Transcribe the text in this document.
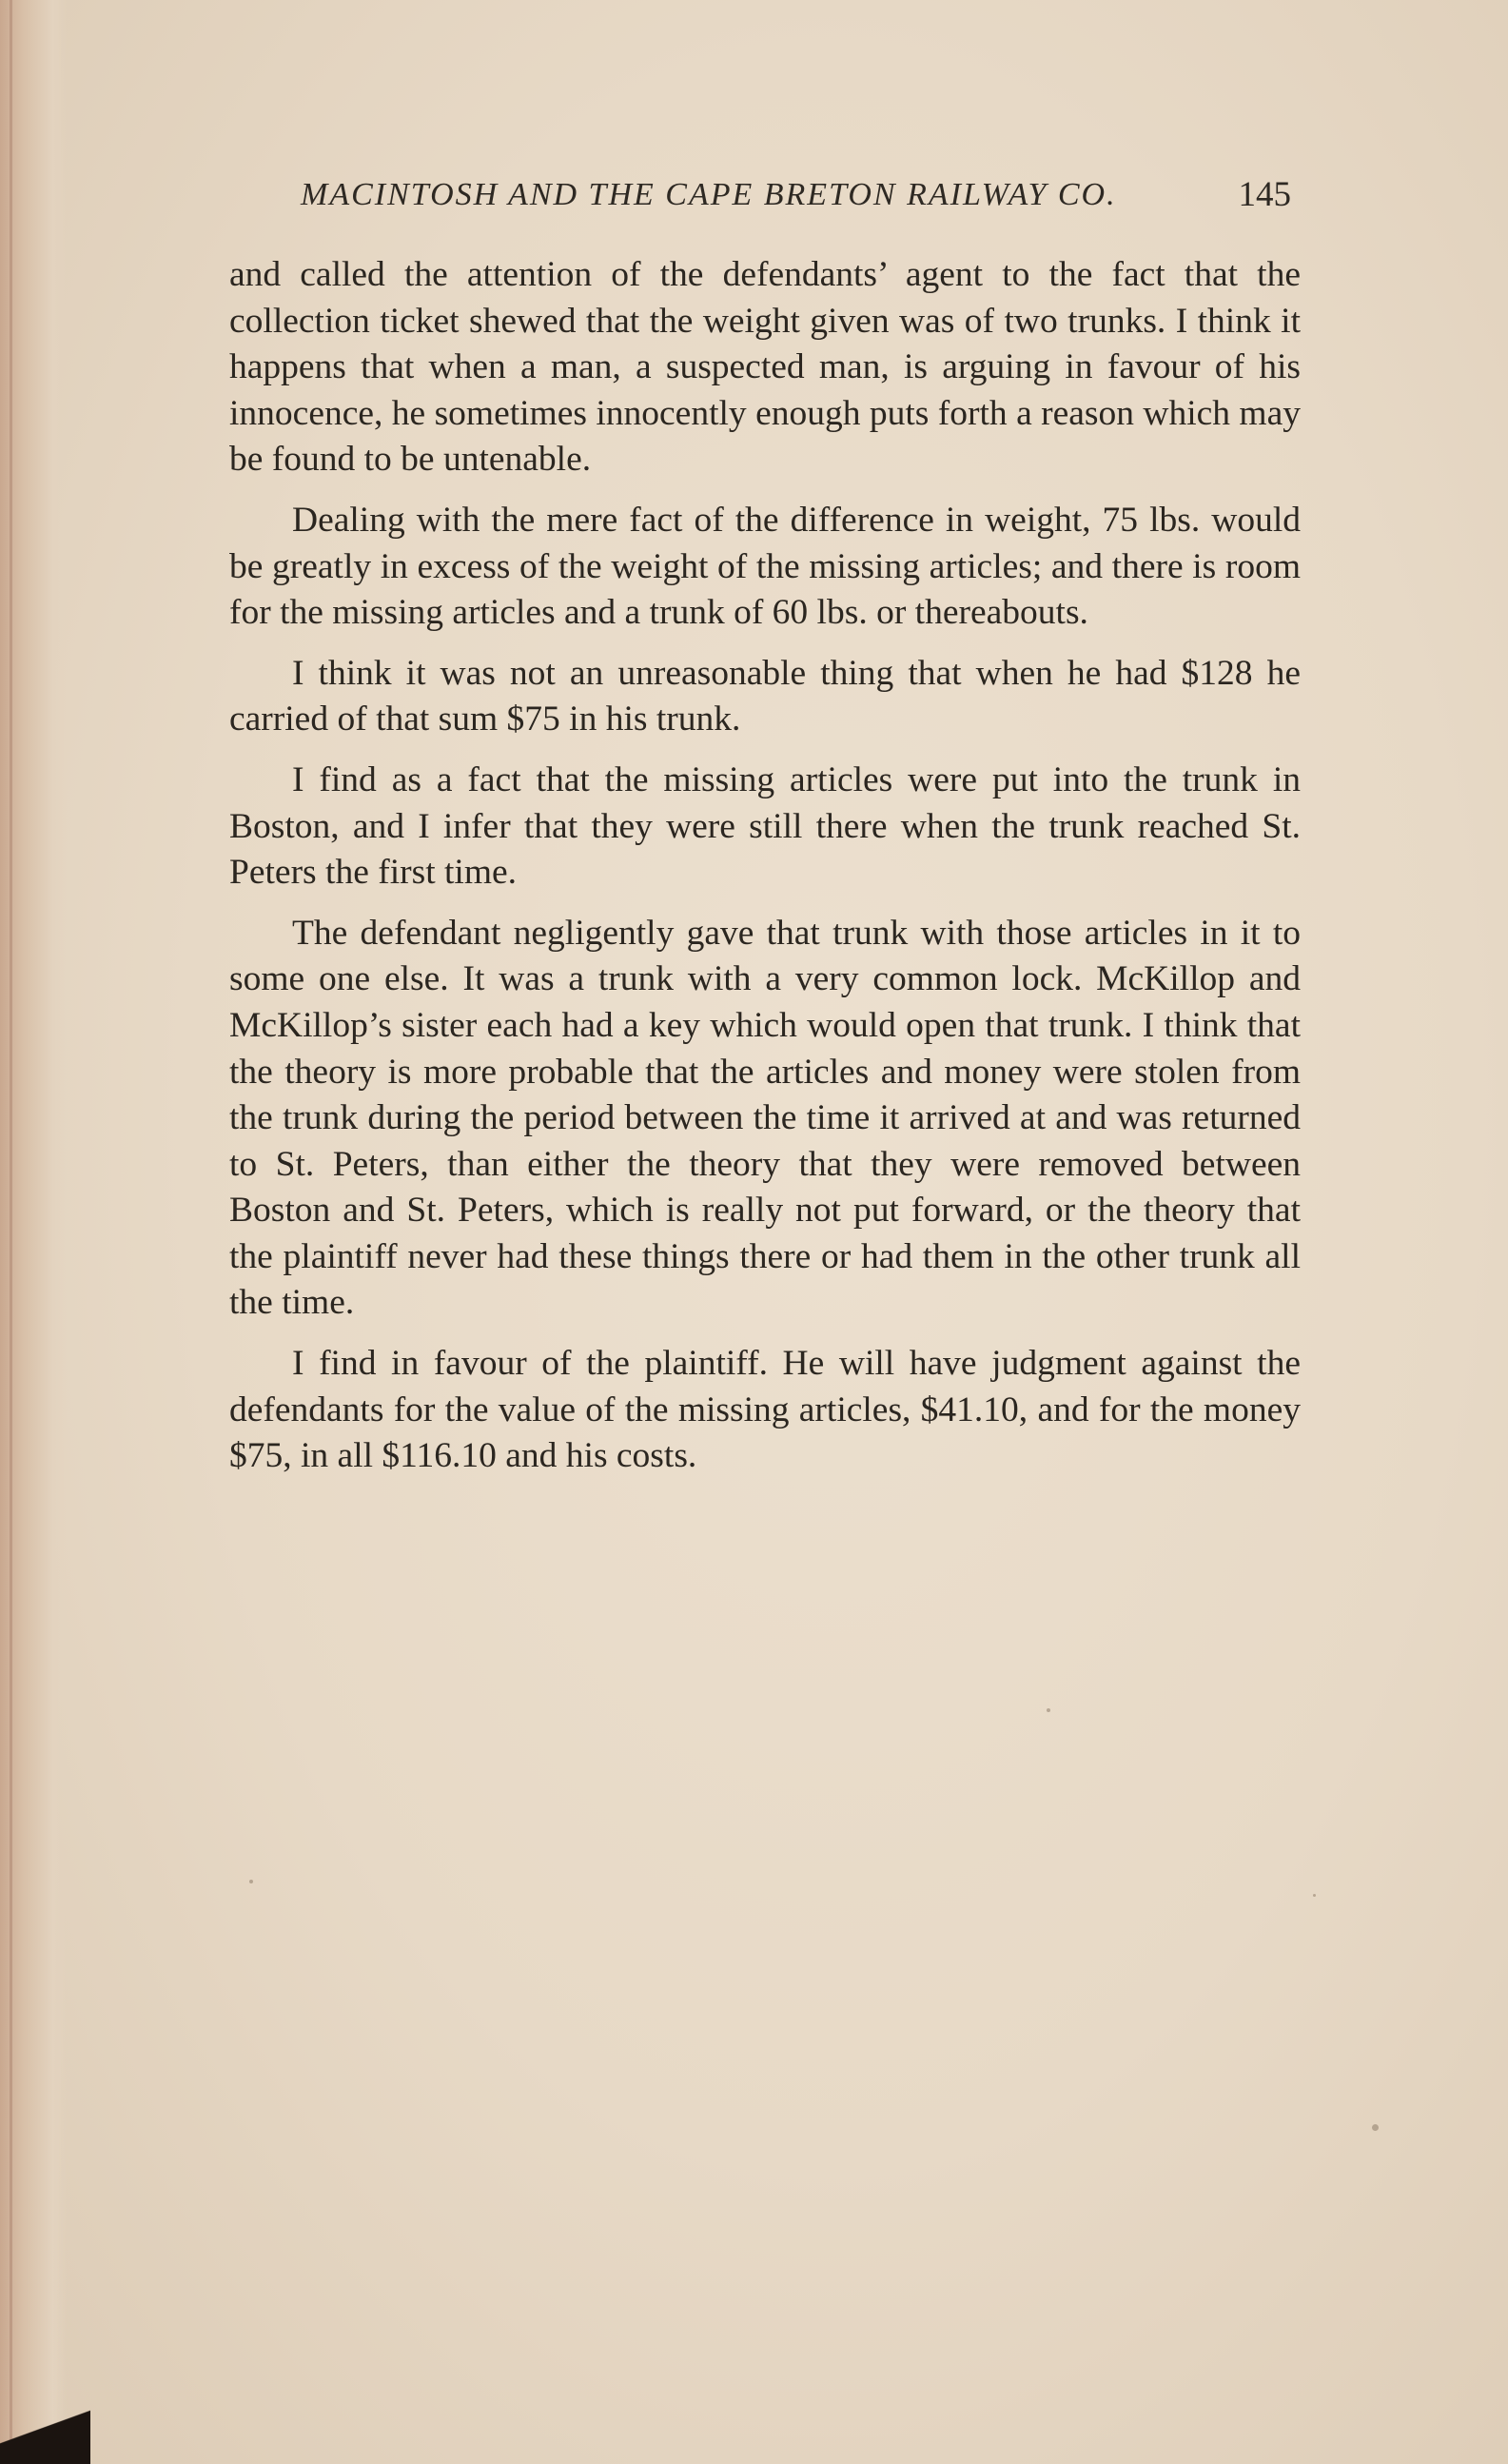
MACINTOSH AND THE CAPE BRETON RAILWAY CO.	145

and called the attention of the defendants’ agent to the fact that the collection ticket shewed that the weight given was of two trunks. I think it happens that when a man, a suspected man, is arguing in favour of his innocence, he sometimes innocently enough puts forth a reason which may be found to be untenable.

Dealing with the mere fact of the difference in weight, 75 lbs. would be greatly in excess of the weight of the missing articles; and there is room for the missing articles and a trunk of 60 lbs. or thereabouts.

I think it was not an unreasonable thing that when he had $128 he carried of that sum $75 in his trunk.

I find as a fact that the missing articles were put into the trunk in Boston, and I infer that they were still there when the trunk reached St. Peters the first time.

The defendant negligently gave that trunk with those articles in it to some one else. It was a trunk with a very common lock. McKillop and McKillop’s sister each had a key which would open that trunk. I think that the theory is more probable that the articles and money were stolen from the trunk during the period between the time it arrived at and was returned to St. Peters, than either the theory that they were removed between Boston and St. Peters, which is really not put forward, or the theory that the plaintiff never had these things there or had them in the other trunk all the time.

I find in favour of the plaintiff. He will have judgment against the defendants for the value of the missing articles, $41.10, and for the money $75, in all $116.10 and his costs.
